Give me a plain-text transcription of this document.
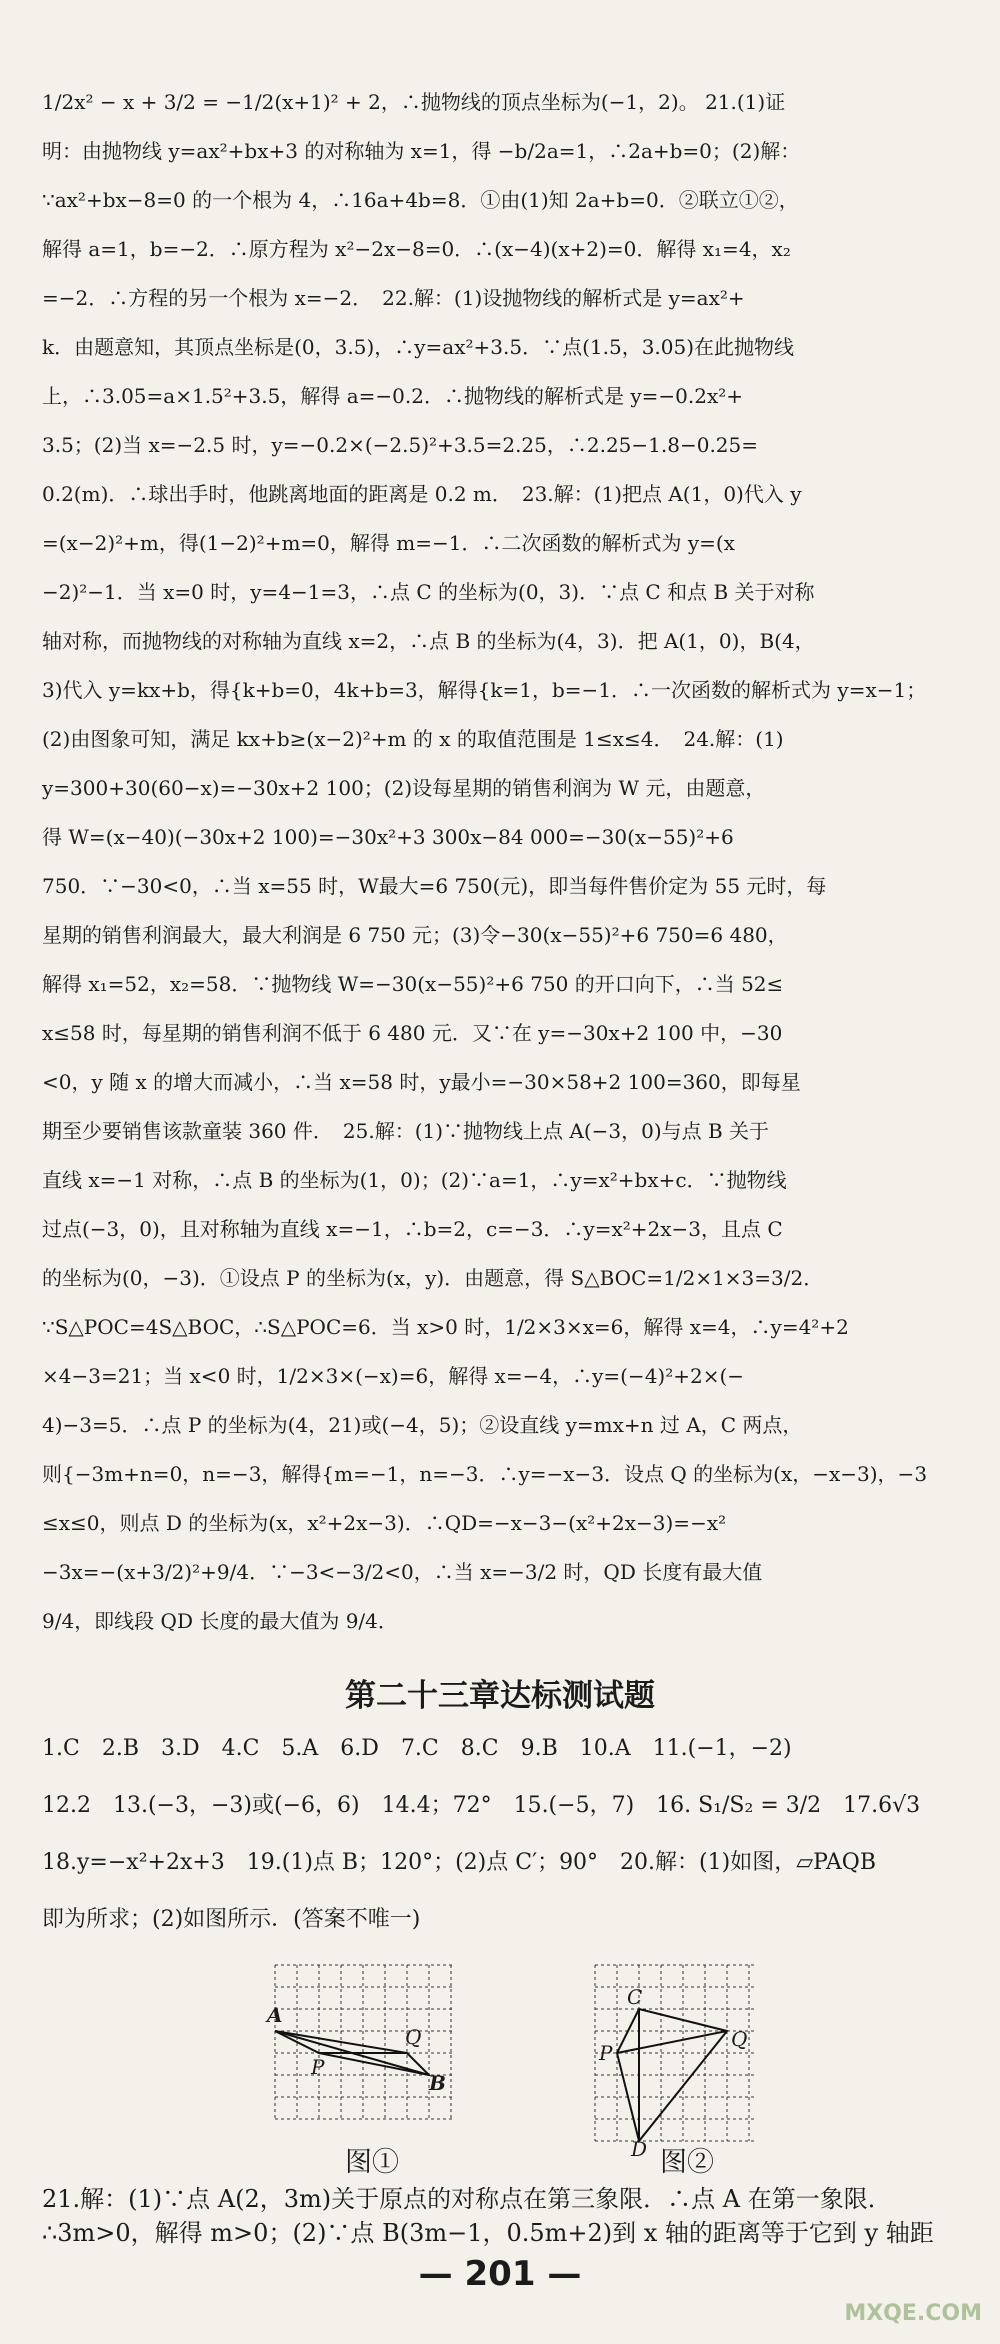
1/2x² − x + 3/2 = −1/2(x+1)² + 2，∴抛物线的顶点坐标为(−1，2)。 21.(1)证

明：由抛物线 y=ax²+bx+3 的对称轴为 x=1，得 −b/2a=1，∴2a+b=0；(2)解：

∵ax²+bx−8=0 的一个根为 4，∴16a+4b=8．①由(1)知 2a+b=0．②联立①②，

解得 a=1，b=−2．∴原方程为 x²−2x−8=0．∴(x−4)(x+2)=0．解得 x₁=4，x₂

=−2．∴方程的另一个根为 x=−2．　22.解：(1)设抛物线的解析式是 y=ax²+

k．由题意知，其顶点坐标是(0，3.5)，∴y=ax²+3.5．∵点(1.5，3.05)在此抛物线

上，∴3.05=a×1.5²+3.5，解得 a=−0.2．∴抛物线的解析式是 y=−0.2x²+

3.5；(2)当 x=−2.5 时，y=−0.2×(−2.5)²+3.5=2.25，∴2.25−1.8−0.25=

0.2(m)．∴球出手时，他跳离地面的距离是 0.2 m．　23.解：(1)把点 A(1，0)代入 y

=(x−2)²+m，得(1−2)²+m=0，解得 m=−1．∴二次函数的解析式为 y=(x

−2)²−1．当 x=0 时，y=4−1=3，∴点 C 的坐标为(0，3)．∵点 C 和点 B 关于对称

轴对称，而抛物线的对称轴为直线 x=2，∴点 B 的坐标为(4，3)．把 A(1，0)，B(4，

3)代入 y=kx+b，得{k+b=0，4k+b=3，解得{k=1，b=−1．∴一次函数的解析式为 y=x−1；

(2)由图象可知，满足 kx+b≥(x−2)²+m 的 x 的取值范围是 1≤x≤4．　24.解：(1)

y=300+30(60−x)=−30x+2 100；(2)设每星期的销售利润为 W 元，由题意，

得 W=(x−40)(−30x+2 100)=−30x²+3 300x−84 000=−30(x−55)²+6

750．∵−30<0，∴当 x=55 时，W最大=6 750(元)，即当每件售价定为 55 元时，每

星期的销售利润最大，最大利润是 6 750 元；(3)令−30(x−55)²+6 750=6 480，

解得 x₁=52，x₂=58．∵抛物线 W=−30(x−55)²+6 750 的开口向下，∴当 52≤

x≤58 时，每星期的销售利润不低于 6 480 元．又∵在 y=−30x+2 100 中，−30

<0，y 随 x 的增大而减小，∴当 x=58 时，y最小=−30×58+2 100=360，即每星

期至少要销售该款童装 360 件．　25.解：(1)∵抛物线上点 A(−3，0)与点 B 关于

直线 x=−1 对称，∴点 B 的坐标为(1，0)；(2)∵a=1，∴y=x²+bx+c．∵抛物线

过点(−3，0)，且对称轴为直线 x=−1，∴b=2，c=−3．∴y=x²+2x−3，且点 C

的坐标为(0，−3)．①设点 P 的坐标为(x，y)．由题意，得 S△BOC=1/2×1×3=3/2．

∵S△POC=4S△BOC，∴S△POC=6．当 x>0 时，1/2×3×x=6，解得 x=4，∴y=4²+2

×4−3=21；当 x<0 时，1/2×3×(−x)=6，解得 x=−4，∴y=(−4)²+2×(−

4)−3=5．∴点 P 的坐标为(4，21)或(−4，5)；②设直线 y=mx+n 过 A，C 两点，

则{−3m+n=0，n=−3，解得{m=−1，n=−3．∴y=−x−3．设点 Q 的坐标为(x，−x−3)，−3

≤x≤0，则点 D 的坐标为(x，x²+2x−3)．∴QD=−x−3−(x²+2x−3)=−x²

−3x=−(x+3/2)²+9/4．∵−3<−3/2<0，∴当 x=−3/2 时，QD 长度有最大值

9/4，即线段 QD 长度的最大值为 9/4．

第二十三章达标测试题

1.C　2.B　3.D　4.C　5.A　6.D　7.C　8.C　9.B　10.A　11.(−1，−2)

12.2　13.(−3，−3)或(−6，6)　14.4；72°　15.(−5，7)　16. S₁/S₂ = 3/2　17.6√3

18.y=−x²+2x+3　19.(1)点 B；120°；(2)点 C′；90°　20.解：(1)如图，▱PAQB

即为所求；(2)如图所示．(答案不唯一)

A
P
Q
B
C
P
Q
D
图①	图②

21.解：(1)∵点 A(2，3m)关于原点的对称点在第三象限．∴点 A 在第一象限．

∴3m>0，解得 m>0；(2)∵点 B(3m−1，0.5m+2)到 x 轴的距离等于它到 y 轴距

— 201 —
MXQE.COM
